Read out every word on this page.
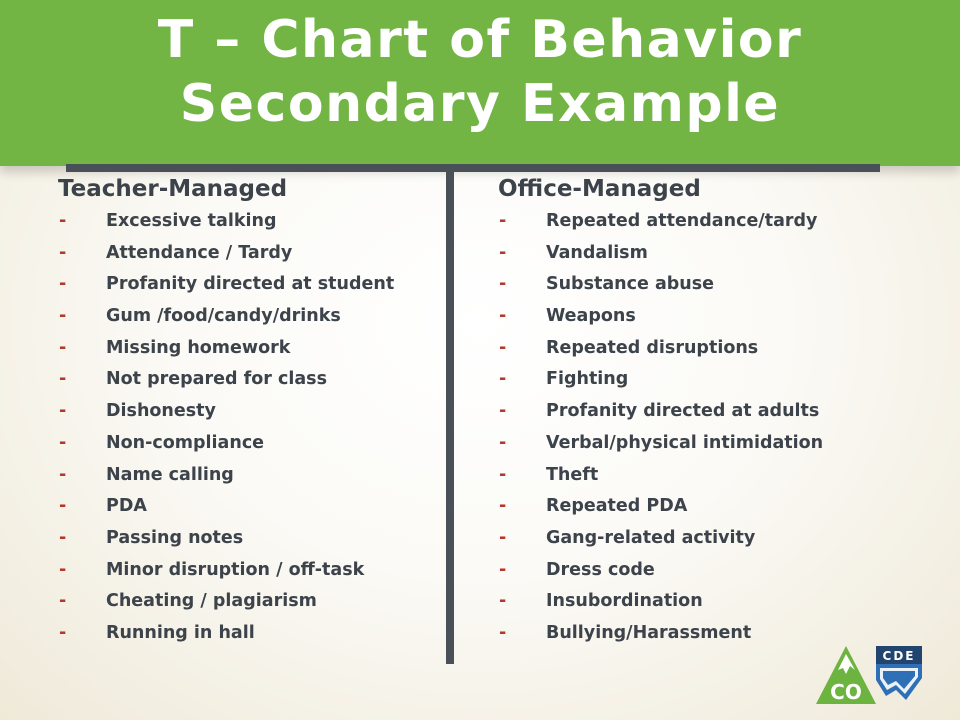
T – Chart of Behavior
Secondary Example
Teacher-Managed
- Excessive talking
- Attendance / Tardy
- Profanity directed at student
- Gum /food/candy/drinks
- Missing homework
- Not prepared for class
- Dishonesty
- Non-compliance
- Name calling
- PDA
- Passing notes
- Minor disruption / off-task
- Cheating / plagiarism
- Running in hall
Office-Managed
- Repeated attendance/tardy
- Vandalism
- Substance abuse
- Weapons
- Repeated disruptions
- Fighting
- Profanity directed at adults
- Verbal/physical intimidation
- Theft
- Repeated PDA
- Gang-related activity
- Dress code
- Insubordination
- Bullying/Harassment
CO
CDE
